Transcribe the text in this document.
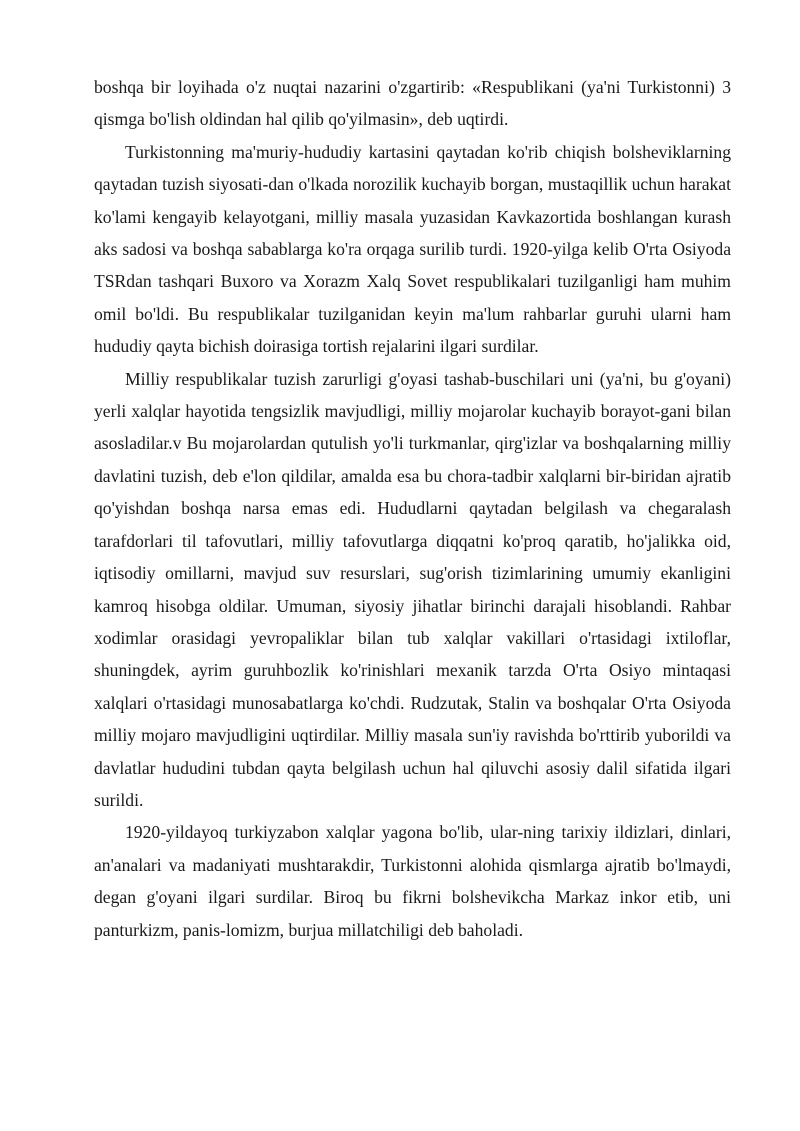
boshqa bir loyihada o'z nuqtai nazarini o'zgartirib: «Respublikani (ya'ni Turkistonni) 3 qismga bo'lish oldindan hal qilib qo'yilmasin», deb uqtirdi.

Turkistonning ma'muriy-hududiy kartasini qaytadan ko'rib chiqish bolsheviklarning qaytadan tuzish siyosati-dan o'lkada norozilik kuchayib borgan, mustaqillik uchun harakat ko'lami kengayib kelayotgani, milliy masala yuzasidan Kavkazortida boshlangan kurash aks sadosi va boshqa sabablarga ko'ra orqaga surilib turdi. 1920-yilga kelib O'rta Osiyoda TSRdan tashqari Buxoro va Xorazm Xalq Sovet respublikalari tuzilganligi ham muhim omil bo'ldi. Bu respublikalar tuzilganidan keyin ma'lum rahbarlar guruhi ularni ham hududiy qayta bichish doirasiga tortish rejalarini ilgari surdilar.

Milliy respublikalar tuzish zarurligi g'oyasi tashab-buschilari uni (ya'ni, bu g'oyani) yerli xalqlar hayotida tengsizlik mavjudligi, milliy mojarolar kuchayib borayot-gani bilan asosladilar.v Bu mojarolardan qutulish yo'li turkmanlar, qirg'izlar va boshqalarning milliy davlatini tuzish, deb e'lon qildilar, amalda esa bu chora-tadbir xalqlarni bir-biridan ajratib qo'yishdan boshqa narsa emas edi. Hududlarni qaytadan belgilash va chegaralash tarafdorlari til tafovutlari, milliy tafovutlarga diqqatni ko'proq qaratib, ho'jalikka oid, iqtisodiy omillarni, mavjud suv resurslari, sug'orish tizimlarining umumiy ekanligini kamroq hisobga oldilar. Umuman, siyosiy jihatlar birinchi darajali hisoblandi. Rahbar xodimlar orasidagi yevropaliklar bilan tub xalqlar vakillari o'rtasidagi ixtiloflar, shuningdek, ayrim guruhbozlik ko'rinishlari mexanik tarzda O'rta Osiyo mintaqasi xalqlari o'rtasidagi munosabatlarga ko'chdi. Rudzutak, Stalin va boshqalar O'rta Osiyoda milliy mojaro mavjudligini uqtirdilar. Milliy masala sun'iy ravishda bo'rttirib yuborildi va davlatlar hududini tubdan qayta belgilash uchun hal qiluvchi asosiy dalil sifatida ilgari surildi.

1920-yildayoq turkiyzabon xalqlar yagona bo'lib, ular-ning tarixiy ildizlari, dinlari, an'analari va madaniyati mushtarakdir, Turkistonni alohida qismlarga ajratib bo'lmaydi, degan g'oyani ilgari surdilar. Biroq bu fikrni bolshevikcha Markaz inkor etib, uni panturkizm, panis-lomizm, burjua millatchiligi deb baholadi.
